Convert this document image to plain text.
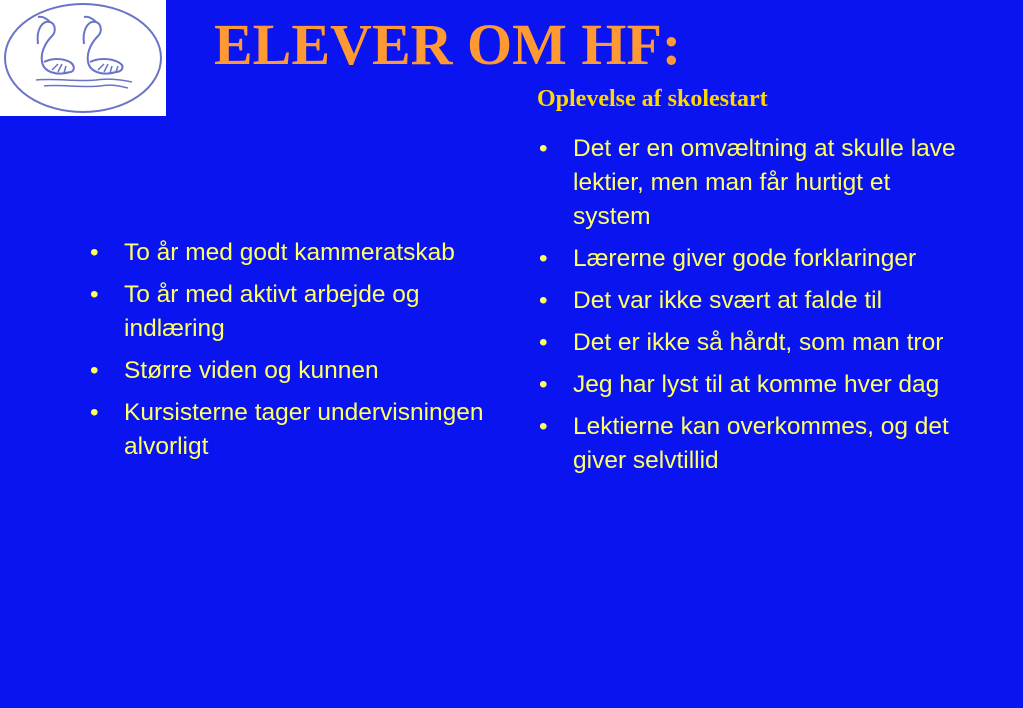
ELEVER OM HF:
Oplevelse af skolestart
• To år med godt kammeratskab
• To år med aktivt arbejde og indlæring
• Større viden og kunnen
• Kursisterne tager undervisningen alvorligt
• Det er en omvæltning at skulle lave lektier, men man får hurtigt et system
• Lærerne giver gode forklaringer
• Det var ikke svært at falde til
• Det er ikke så hårdt, som man tror
• Jeg har lyst til at komme hver dag
• Lektierne kan overkommes, og det giver selvtillid
